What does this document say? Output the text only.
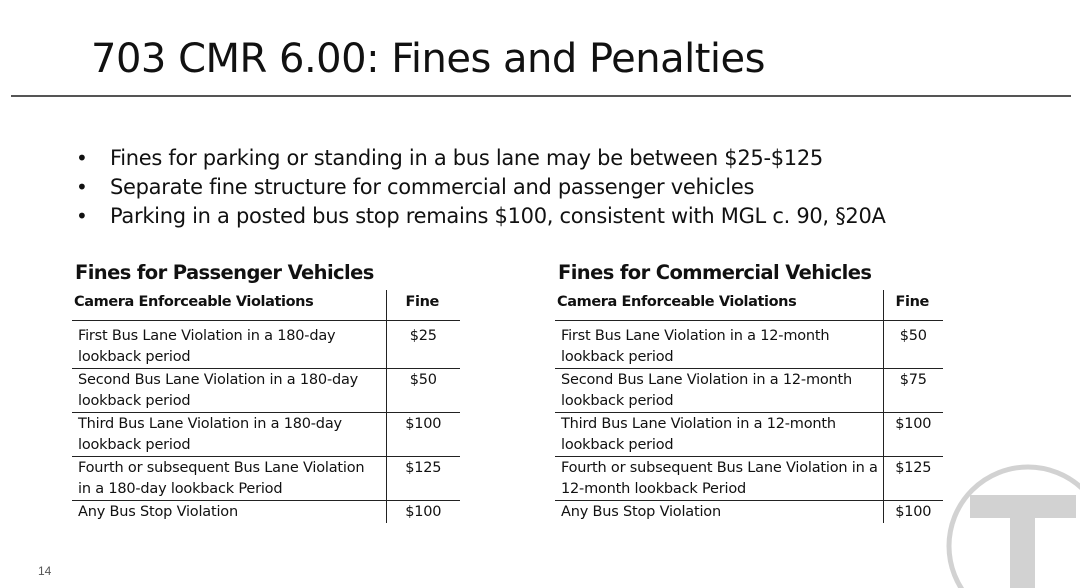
703 CMR 6.00: Fines and Penalties
• Fines for parking or standing in a bus lane may be between $25-$125
• Separate fine structure for commercial and passenger vehicles
• Parking in a posted bus stop remains $100, consistent with MGL c. 90, §20A
Fines for Passenger Vehicles
Camera Enforceable Violations	Fine
First Bus Lane Violation in a 180-day lookback period	$25
Second Bus Lane Violation in a 180-day lookback period	$50
Third Bus Lane Violation in a 180-day lookback period	$100
Fourth or subsequent Bus Lane Violation in a 180-day lookback Period	$125
Any Bus Stop Violation	$100
Fines for Commercial Vehicles
Camera Enforceable Violations	Fine
First Bus Lane Violation in a 12-month lookback period	$50
Second Bus Lane Violation in a 12-month lookback period	$75
Third Bus Lane Violation in a 12-month lookback period	$100
Fourth or subsequent Bus Lane Violation in a 12-month lookback Period	$125
Any Bus Stop Violation	$100
14
